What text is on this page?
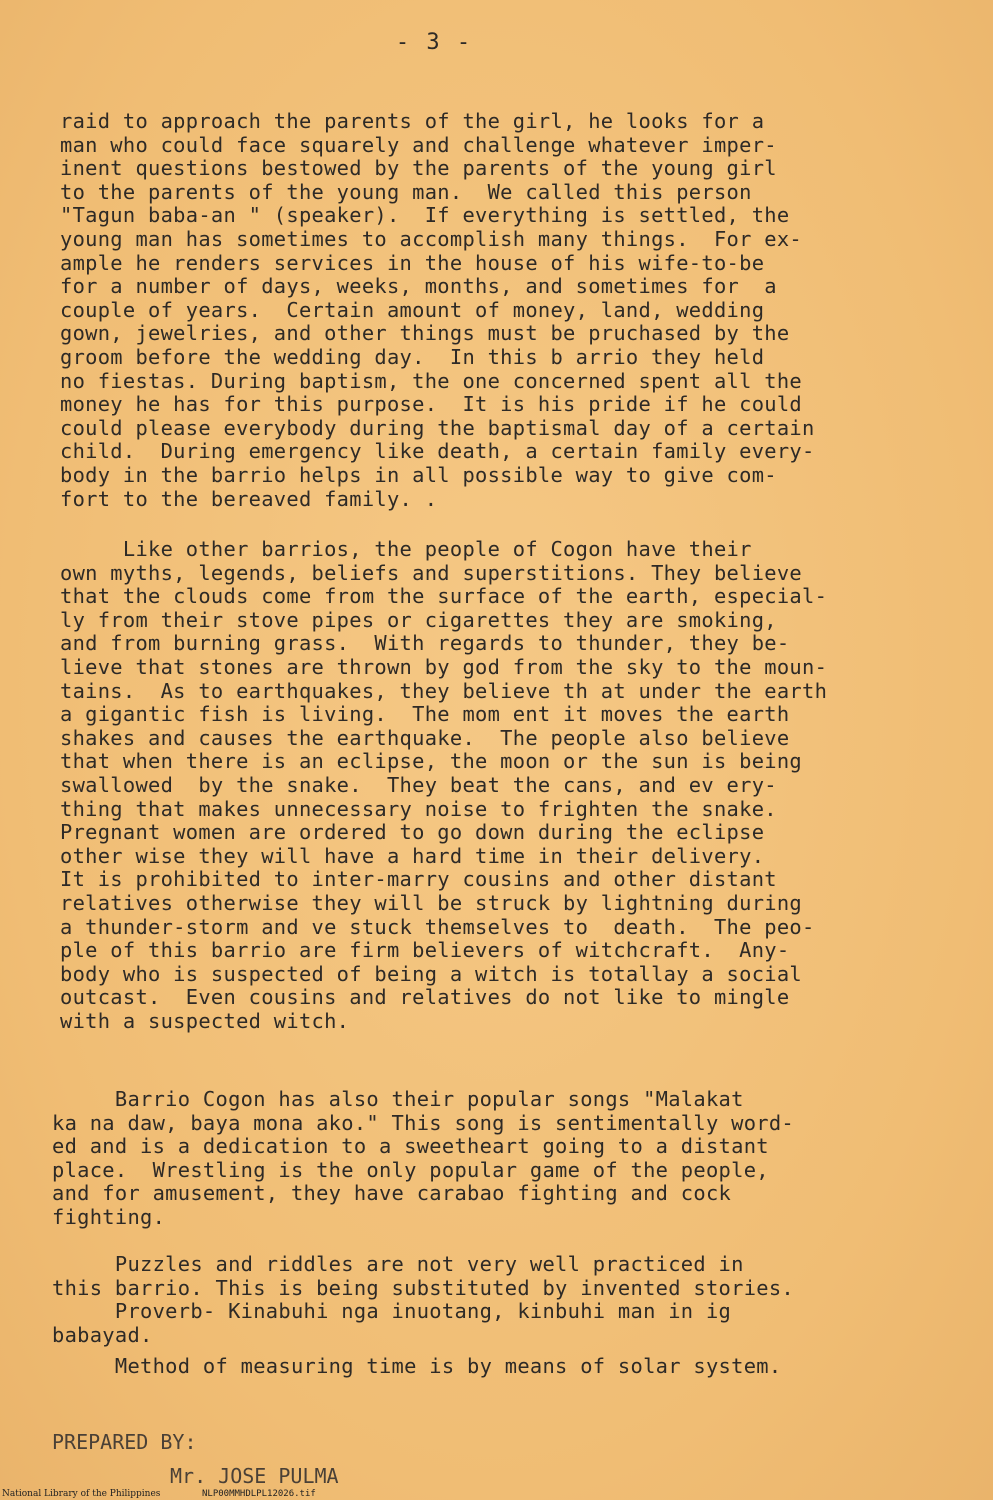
- 3 -
raid to approach the parents of the girl, he looks for a
man who could face squarely and challenge whatever imper-
inent questions bestowed by the parents of the young girl
to the parents of the young man.  We called this person
"Tagun baba-an " (speaker).  If everything is settled, the
young man has sometimes to accomplish many things.  For ex-
ample he renders services in the house of his wife-to-be
for a number of days, weeks, months, and sometimes for  a
couple of years.  Certain amount of money, land, wedding
gown, jewelries, and other things must be pruchased by the
groom before the wedding day.  In this b arrio they held
no fiestas. During baptism, the one concerned spent all the
money he has for this purpose.  It is his pride if he could
could please everybody during the baptismal day of a certain
child.  During emergency like death, a certain family every-
body in the barrio helps in all possible way to give com-
fort to the bereaved family. .
Like other barrios, the people of Cogon have their
own myths, legends, beliefs and superstitions. They believe
that the clouds come from the surface of the earth, especial-
ly from their stove pipes or cigarettes they are smoking,
and from burning grass.  With regards to thunder, they be-
lieve that stones are thrown by god from the sky to the moun-
tains.  As to earthquakes, they believe th at under the earth
a gigantic fish is living.  The mom ent it moves the earth
shakes and causes the earthquake.  The people also believe
that when there is an eclipse, the moon or the sun is being
swallowed  by the snake.  They beat the cans, and ev ery-
thing that makes unnecessary noise to frighten the snake.
Pregnant women are ordered to go down during the eclipse
other wise they will have a hard time in their delivery.
It is prohibited to inter-marry cousins and other distant
relatives otherwise they will be struck by lightning during
a thunder-storm and ve stuck themselves to  death.  The peo-
ple of this barrio are firm believers of witchcraft.  Any-
body who is suspected of being a witch is totallay a social
outcast.  Even cousins and relatives do not like to mingle
with a suspected witch.
Barrio Cogon has also their popular songs "Malakat
ka na daw, baya mona ako." This song is sentimentally word-
ed and is a dedication to a sweetheart going to a distant
place.  Wrestling is the only popular game of the people,
and for amusement, they have carabao fighting and cock
fighting.
Puzzles and riddles are not very well practiced in
this barrio. This is being substituted by invented stories.
Proverb- Kinabuhi nga inuotang, kinbuhi man in ig
babayad.
Method of measuring time is by means of solar system.
PREPARED BY:
Mr. JOSE PULMA
National Library of the Philippines	NLP00MMHDLPL12026.tif
